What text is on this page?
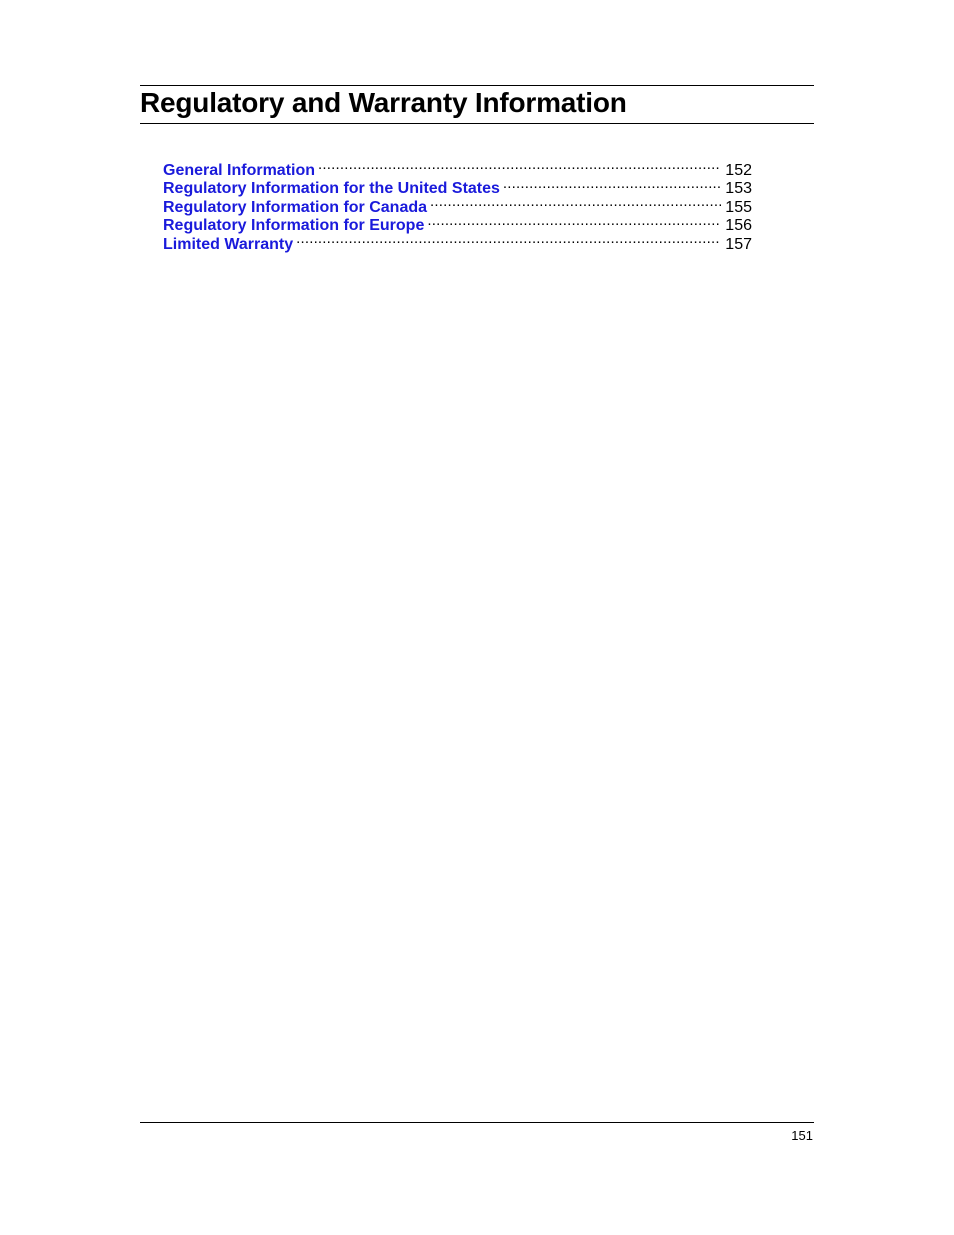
Regulatory and Warranty Information
General Information .....	152
Regulatory Information for the United States .....	153
Regulatory Information for Canada .....	155
Regulatory Information for Europe .....	156
Limited Warranty .....	157
151
